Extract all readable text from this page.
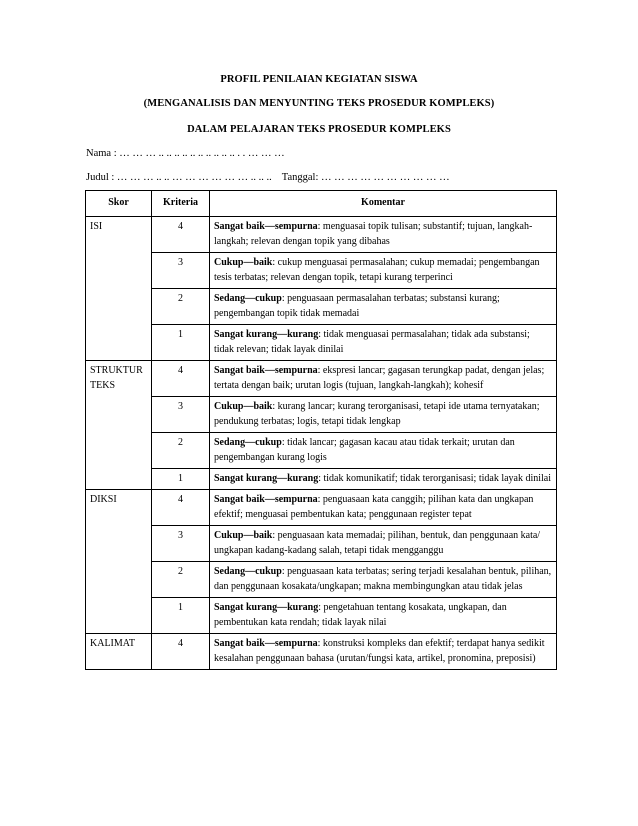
PROFIL PENILAIAN KEGIATAN SISWA
(MENGANALISIS DAN MENYUNTING TEKS PROSEDUR KOMPLEKS)
DALAM PELAJARAN TEKS PROSEDUR KOMPLEKS
Nama : … … … .. .. .. .. .. .. .. .. .. .. . . … … …
Judul : … … … .. .. … … … … … … .. .. .. Tanggal: … … … … … … … … … …
Skor	Kriteria	Komentar
ISI	4	Sangat baik—sempurna: menguasai topik tulisan; substantif; tujuan, langkah-langkah; relevan dengan topik yang dibahas
	3	Cukup—baik: cukup menguasai permasalahan; cukup memadai; pengembangan tesis terbatas; relevan dengan topik, tetapi kurang terperinci
	2	Sedang—cukup: penguasaan permasalahan terbatas; substansi kurang; pengembangan topik tidak memadai
	1	Sangat kurang—kurang: tidak menguasai permasalahan; tidak ada substansi; tidak relevan; tidak layak dinilai
STRUKTUR TEKS	4	Sangat baik—sempurna: ekspresi lancar; gagasan terungkap padat, dengan jelas; tertata dengan baik; urutan logis (tujuan, langkah-langkah); kohesif
	3	Cukup—baik: kurang lancar; kurang terorganisasi, tetapi ide utama ternyatakan; pendukung terbatas; logis, tetapi tidak lengkap
	2	Sedang—cukup: tidak lancar; gagasan kacau atau tidak terkait; urutan dan pengembangan kurang logis
	1	Sangat kurang—kurang: tidak komunikatif; tidak terorganisasi; tidak layak dinilai
DIKSI	4	Sangat baik—sempurna: penguasaan kata canggih; pilihan kata dan ungkapan efektif; menguasai pembentukan kata; penggunaan register tepat
	3	Cukup—baik: penguasaan kata memadai; pilihan, bentuk, dan penggunaan kata/ ungkapan kadang-kadang salah, tetapi tidak mengganggu
	2	Sedang—cukup: penguasaan kata terbatas; sering terjadi kesalahan bentuk, pilihan, dan penggunaan kosakata/ungkapan; makna membingungkan atau tidak jelas
	1	Sangat kurang—kurang: pengetahuan tentang kosakata, ungkapan, dan pembentukan kata rendah; tidak layak nilai
KALIMAT	4	Sangat baik—sempurna: konstruksi kompleks dan efektif; terdapat hanya sedikit kesalahan penggunaan bahasa (urutan/fungsi kata, artikel, pronomina, preposisi)
